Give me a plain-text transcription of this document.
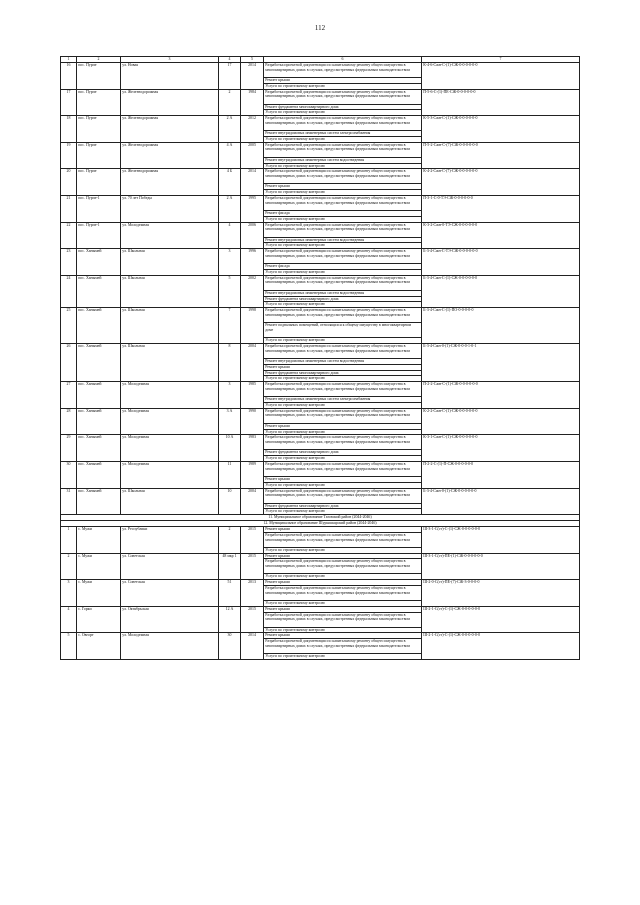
112
1	2	3	4	5	6	7
16	пос. Пурпе	ул. Новая	17	2014	Разработка проектной документации по капитальному ремонту общего имущества в многоквартирных домах в случаях, предусмотренных федеральным законодательством	К-4-6-Сжн-С-(1)-СЖ-0-0-0-0-0-0
					Ремонт крыши	
					Услуги по строительному контролю	
17	пос. Пурпе	ул. Железнодорожная	2	1984	Разработка проектной документации по капитальному ремонту общего имущества в многоквартирных домах в случаях, предусмотренных федеральным законодательством	П-5-6-С-(1)-ПЕ-СЖ-0-0-0-0-0-0
					Ремонт фундамента многоквартирного дома	
					Услуги по строительному контролю	
18	пос. Пурпе	ул. Железнодорожная	2 А	2012	Разработка проектной документации по капитальному ремонту общего имущества в многоквартирных домах в случаях, предусмотренных федеральным законодательством	К-5-3-Сжн-С-(1)-СЖ-0-0-0-0-0-0
					Ремонт внутридомовых инженерных систем электроснабжения	
					Услуги по строительному контролю	
19	пос. Пурпе	ул. Железнодорожная	4 А	2005	Разработка проектной документации по капитальному ремонту общего имущества в многоквартирных домах в случаях, предусмотренных федеральным законодательством	П-5-2-Сжн-С-(7)-СЖ-0-0-0-0-0-0
					Ремонт внутридомовых инженерных систем водоотведения	
					Услуги по строительному контролю	
20	пос. Пурпе	ул. Железнодорожная	4 Б	2014	Разработка проектной документации по капитальному ремонту общего имущества в многоквартирных домах в случаях, предусмотренных федеральным законодательством	К-4-2-Сжн-С-(7)-СЖ-0-0-0-0-0-0
					Ремонт крыши	
					Услуги по строительному контролю	
21	пос. Пурпе-1	ул. 70 лет Победы	2 А	1995	Разработка проектной документации по капитальному ремонту общего имущества в многоквартирных домах в случаях, предусмотренных федеральным законодательством	П-3-1-С-0-ТЭ-СЖ-0-0-0-0-0-0
					Ремонт фасада	
					Услуги по строительному контролю	
22	пос. Пурпе-1	ул. Молодежная	4	2006	Разработка проектной документации по капитальному ремонту общего имущества в многоквартирных домах в случаях, предусмотренных федеральным законодательством	К-3-2-Сжн-0-ТЭ-СЖ-0-0-0-0-0-0
					Ремонт внутридомовых инженерных систем водоотведения	
					Услуги по строительному контролю	
23	пос. Ханымей	ул. Школьная	3	1996	Разработка проектной документации по капитальному ремонту общего имущества в многоквартирных домах в случаях, предусмотренных федеральным законодательством	Б-3-4-Сжн-С-ТЭ-СЖ-0-0-0-0-0-0
					Ремонт фасада	
					Услуги по строительному контролю	
24	пос. Ханымей	ул. Школьная	5	2002	Разработка проектной документации по капитальному ремонту общего имущества в многоквартирных домах в случаях, предусмотренных федеральным законодательством	Б-3-4-Сжн-С-(1)-СЖ-0-0-0-0-0-0
					Ремонт внутридомовых инженерных систем водоотведения	
					Ремонт фундамента многоквартирного дома	
					Услуги по строительному контролю	
25	пос. Ханымей	ул. Школьная	7	1998	Разработка проектной документации по капитальному ремонту общего имущества в многоквартирных домах в случаях, предусмотренных федеральным законодательством	Б-3-4-Сжн-С-(1)-ПО-0-0-0-0-0
					Ремонт подвальных помещений, относящихся к общему имуществу в многоквартирном доме	
					Услуги по строительному контролю	
26	пос. Ханымей	ул. Школьная	8	2004	Разработка проектной документации по капитальному ремонту общего имущества в многоквартирных домах в случаях, предусмотренных федеральным законодательством	Б-3-4-Сжн-0-(1)-СЖ-0-0-0-1-0-1
					Ремонт внутридомовых инженерных систем водоотведения	
					Ремонт крыши	
					Ремонт фундамента многоквартирного дома	
					Услуги по строительному контролю	
27	пос. Ханымей	ул. Молодежная	3	1985	Разработка проектной документации по капитальному ремонту общего имущества в многоквартирных домах в случаях, предусмотренных федеральным законодательством	П-2-2-Сжн-С-(1)-СЖ-0-0-0-0-0-0
					Ремонт внутридомовых инженерных систем электроснабжения	
					Услуги по строительному контролю	
28	пос. Ханымей	ул. Молодежная	3 А	1990	Разработка проектной документации по капитальному ремонту общего имущества в многоквартирных домах в случаях, предусмотренных федеральным законодательством	К-2-2-Сжн-С-(1)-СЖ-0-0-0-0-0-0
					Ремонт крыши	
					Услуги по строительному контролю	
29	пос. Ханымей	ул. Молодежная	10 А	1983	Разработка проектной документации по капитальному ремонту общего имущества в многоквартирных домах в случаях, предусмотренных федеральным законодательством	К-3-1-Сжн-С-(1)-СЖ-0-0-0-0-0-0
					Ремонт фундамента многоквартирного дома	
					Услуги по строительному контролю	
30	пос. Ханымей	ул. Молодежная	11	1989	Разработка проектной документации по капитальному ремонту общего имущества в многоквартирных домах в случаях, предусмотренных федеральным законодательством	П-2-2-С-(1)-П-СЖ-0-0-0-0-0-0
					Ремонт крыши	
					Услуги по строительному контролю	
31	пос. Ханымей	ул. Школьная	10	2004	Разработка проектной документации по капитальному ремонту общего имущества в многоквартирных домах в случаях, предусмотренных федеральным законодательством	Б-3-4-Сжн-0-(1)-СЖ-0-0-0-0-0-0
					Ремонт фундамента многоквартирного дома	
					Услуги по строительному контролю	
11. Муниципальное образование Тазовский район (2044-2046)						
12. Муниципальное образование Шурышкарский район (2044-2046)						
1	с. Мужи	ул. Республики	2	2015	Ремонт крыши	Ш-3-1-С(ст)-С-(1)-СЖ-0-0-0-0-0-0
					Разработка проектной документации по капитальному ремонту общего имущества в многоквартирных домах в случаях, предусмотренных федеральным законодательством	
					Услуги по строительному контролю	
2	с. Мужи	ул. Советская	48 мкр 1	2015	Ремонт крыши	Ш-3-1-С(ст)-ПЕ-(1)-СЖ-0-0-0-0-0-0
					Разработка проектной документации по капитальному ремонту общего имущества в многоквартирных домах в случаях, предусмотренных федеральным законодательством	
					Услуги по строительному контролю	
3	с. Мужи	ул. Советская	51	2013	Ремонт крыши	Ш-2-0-С(ст)-ПЕ-(7)-СЖ-3-0-0-0-0
					Разработка проектной документации по капитальному ремонту общего имущества в многоквартирных домах в случаях, предусмотренных федеральным законодательством	
					Услуги по строительному контролю	
4	с. Горки	ул. Октябрьская	12 А	2015	Ремонт крыши	Ш-2-1-С(ст)-С-(1)-СЖ-0-0-0-0-0-0
					Разработка проектной документации по капитальному ремонту общего имущества в многоквартирных домах в случаях, предусмотренных федеральным законодательством	
					Услуги по строительному контролю	
5	с. Овгорт	ул. Молодежная	30	2014	Ремонт крыши	Ш-2-1-С(ст)-С-(1)-СЖ-0-0-0-0-0-0
					Разработка проектной документации по капитальному ремонту общего имущества в многоквартирных домах в случаях, предусмотренных федеральным законодательством	
					Услуги по строительному контролю	
